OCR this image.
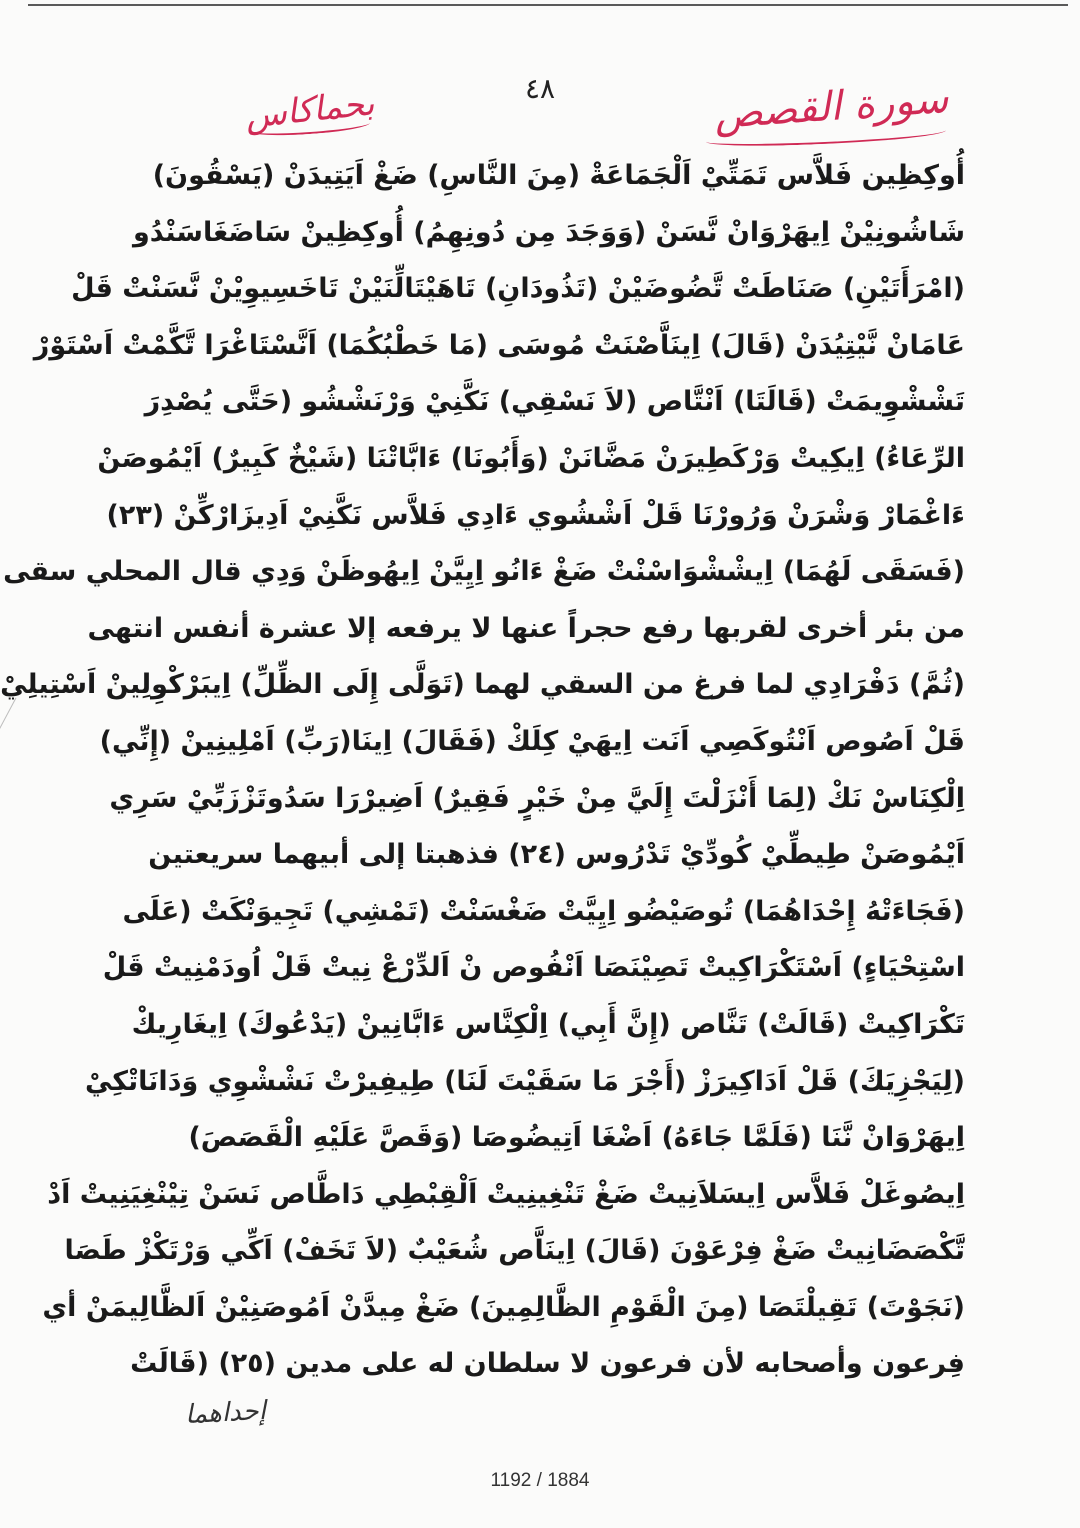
٤٨	سورة القصص
بحماكاس
أُوكِظِين فَلاَّس تَمَتِّيْ اَلْجَمَاعَةْ (مِنَ النَّاسِ) ضَغْ اَيَتِيدَنْ (يَسْقُونَ)
شَاشُونِيْنْ اِيهَرْوَانْ نَّسَنْ (وَوَجَدَ مِن دُونِهِمُ) أُوكِظِينْ سَاضَغَاسَنْدُو
(امْرَأَتَيْنِ) صَنَاطَتْ تَّضُوضَيْنْ (تَذُودَانِ) تَاهَيْتَالِّنَيْنْ تَاخَسِيوِيْنْ نَّسَنْتْ قَلْ
عَامَانْ نَّيْتِيُدَنْ (قَالَ) اِينَاَّصْنَتْ مُوسَى (مَا خَطْبُكُمَا) اَنَّسْتَاغْرَا تَّكَّمْتْ اَسْتَوْرْ
تَشْشْوِيمَتْ (قَالَتَا) اَنْتَّاص (لاَ نَسْقِي) نَكَّنِيْ وَرْنَشْشُو (حَتَّى يُصْدِرَ
الرِّعَاءُ) اِيكِيتْ وَرْكَطِيرَنْ مَضَّانَنْ (وَأَبُونَا) ءَابَّاتْنَا (شَيْخٌ كَبِيرٌ) اَيْمُوصَنْ
ءَاغْمَارْ وَشْرَنْ وَرُورْنَا قَلْ اَشْشُوي ءَادِي فَلاَّس نَكَّنِيْ اَدِيزَارْكِّنْ (٢٣)
(فَسَقَى لَهُمَا) اِيشْشْوَاسْنْتْ ضَغْ ءَانُو اِيِيَّنْ اِيهُوظَنْ وَدِي قال المحلي سقى
من بئر أخرى لقربها رفع حجراً عنها لا يرفعه إلا عشرة أنفس انتهى
(ثُمَّ) دَفْرَادِي لما فرغ من السقي لهما (تَوَلَّى إِلَى الظِّلِّ) اِيبَرْكْوِلِينْ اَسْتِيلِيْ
قَلْ اَصُوص اَنْتُوكَصِي اَنَت اِيهَيْ كِلَكْ (فَقَالَ) اِينَا(رَبِّ) اَمْلِينِينْ (إِنِّي)
اِلْكِنَاسْ نَكْ (لِمَا أَنْزَلْتَ إِلَيَّ مِنْ خَيْرٍ فَقِيرٌ) اَضِيرْرَا سَدُوتَزْزَبِّيْ سَرِي
اَيْمُوصَنْ طِيطِّيْ كُودِّيْ تَدْرُوس (٢٤) فذهبتا إلى أبيهما سريعتين
(فَجَاءَتْهُ إِحْدَاهُمَا) تُوصَيْضُو اِيِيَّتْ ضَغْسَنْتْ (تَمْشِي) تَجِيوَنْكَتْ (عَلَى
اسْتِحْيَاءٍ) اَسْتَكْرَاكِيتْ تَصِيْنَصَا اَنْفُوص نْ اَلدِّرْعْ نِيتْ قَلْ اُودَمْنِيتْ قَلْ
تَكْرَاكِيتْ (قَالَتْ) تَنَّاص (إِنَّ أَبِي) اِلْكِنَّاس ءَابَّانِينْ (يَدْعُوكَ) اِيغَارِيكْ
(لِيَجْزِيَكَ) قَلْ اَدَاكِيرَزْ (أَجْرَ مَا سَقَيْتَ لَنَا) طِيفِيرْتْ نَشْشْوِي وَدَانَاتْكِيْ
اِيهَرْوَانْ نَّنَا (فَلَمَّا جَاءَهُ) اَضْغَا اَتِيضُوصَا (وَقَصَّ عَلَيْهِ الْقَصَصَ)
اِيصُوغَلْ فَلاَّس اِيسَلاَنِيتْ ضَغْ تَنْغِينِيتْ اَلْقِبْطِي دَاطَّاص نَسَنْ تِيْنْغِيَنِيتْ اَدْ
تَّكْصَضَانِيتْ ضَغْ فِرْعَوْنَ (قَالَ) اِينَاَّص شُعَيْبٌ (لاَ تَخَفْ) اَكِّي وَرْتَكْزْ طَصَا
(نَجَوْتَ) تَقِيلْتَصَا (مِنَ الْقَوْمِ الظَّالِمِينَ) ضَغْ مِيدَّنْ اَمُوصَنِيْنْ اَلظَّالِيمَنْ أي
فِرعون وأصحابه لأن فرعون لا سلطان له على مدين (٢٥) (قَالَتْ
إحداهما
1192 / 1884
